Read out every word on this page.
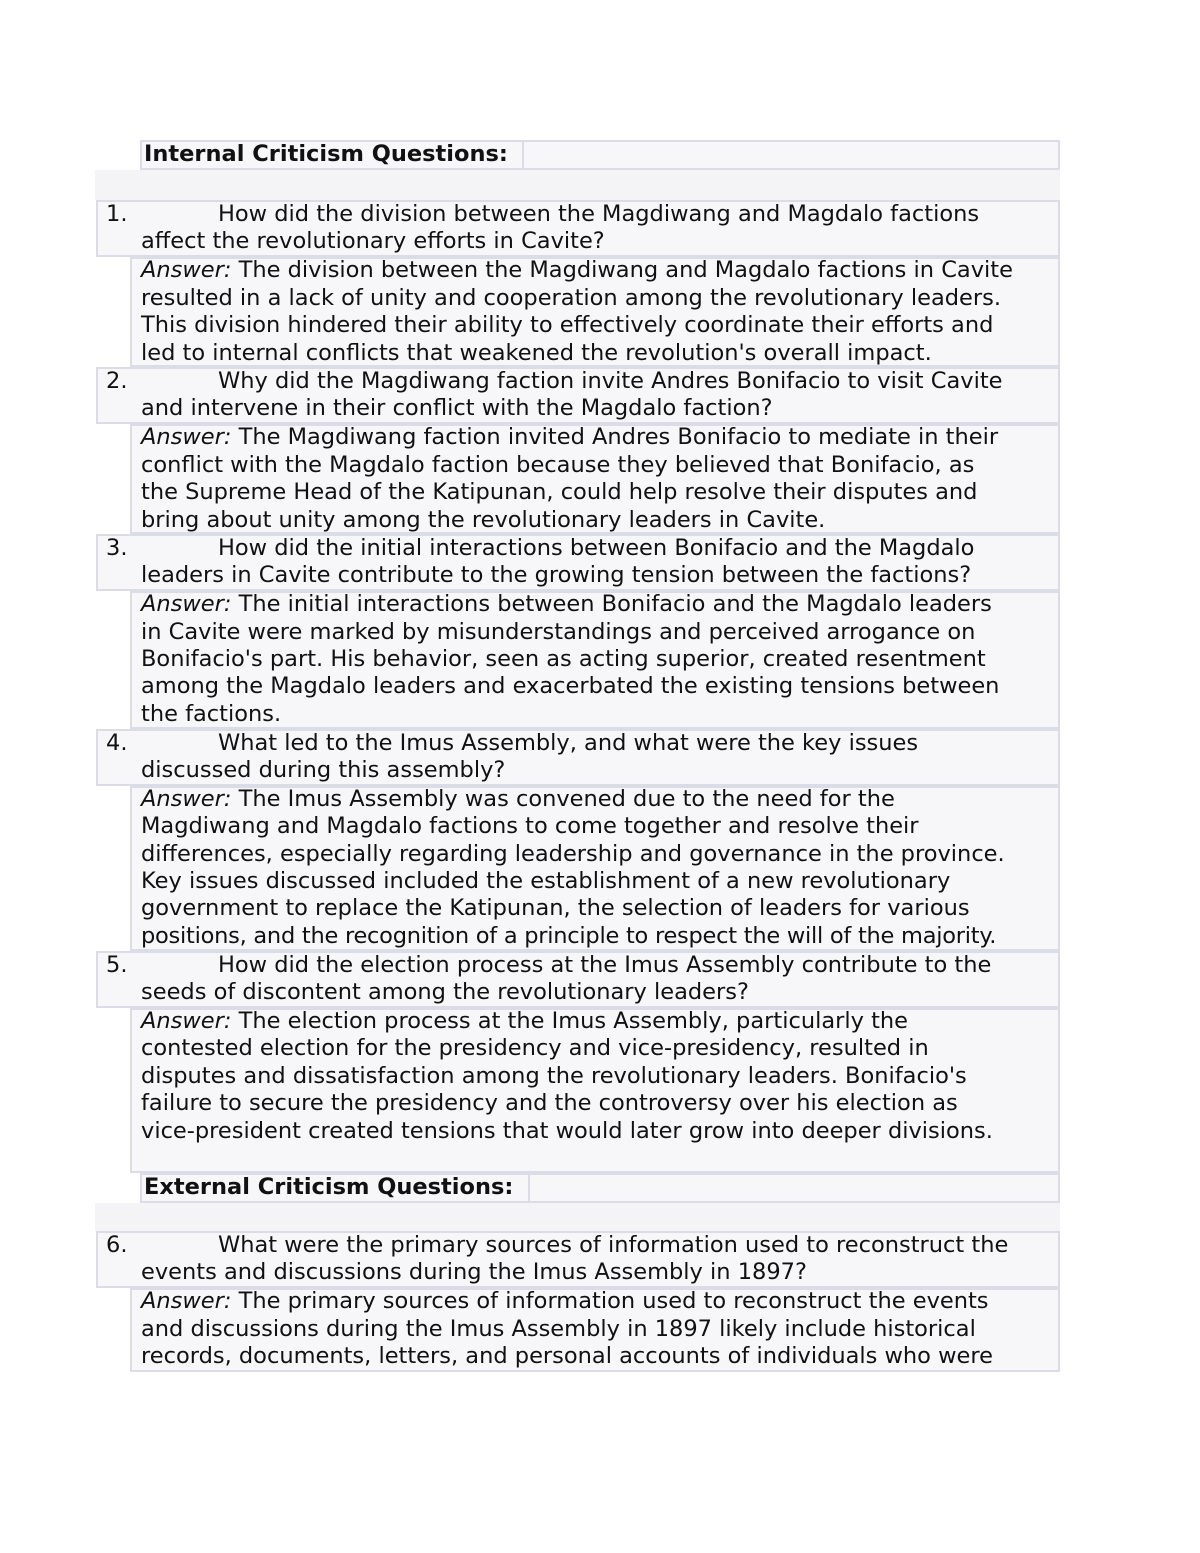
Internal Criticism Questions:
1.	How did the division between the Magdiwang and Magdalo factions
affect the revolutionary efforts in Cavite?
Answer: The division between the Magdiwang and Magdalo factions in Cavite
resulted in a lack of unity and cooperation among the revolutionary leaders.
This division hindered their ability to effectively coordinate their efforts and
led to internal conflicts that weakened the revolution's overall impact.
2.	Why did the Magdiwang faction invite Andres Bonifacio to visit Cavite
and intervene in their conflict with the Magdalo faction?
Answer: The Magdiwang faction invited Andres Bonifacio to mediate in their
conflict with the Magdalo faction because they believed that Bonifacio, as
the Supreme Head of the Katipunan, could help resolve their disputes and
bring about unity among the revolutionary leaders in Cavite.
3.	How did the initial interactions between Bonifacio and the Magdalo
leaders in Cavite contribute to the growing tension between the factions?
Answer: The initial interactions between Bonifacio and the Magdalo leaders
in Cavite were marked by misunderstandings and perceived arrogance on
Bonifacio's part. His behavior, seen as acting superior, created resentment
among the Magdalo leaders and exacerbated the existing tensions between
the factions.
4.	What led to the Imus Assembly, and what were the key issues
discussed during this assembly?
Answer: The Imus Assembly was convened due to the need for the
Magdiwang and Magdalo factions to come together and resolve their
differences, especially regarding leadership and governance in the province.
Key issues discussed included the establishment of a new revolutionary
government to replace the Katipunan, the selection of leaders for various
positions, and the recognition of a principle to respect the will of the majority.
5.	How did the election process at the Imus Assembly contribute to the
seeds of discontent among the revolutionary leaders?
Answer: The election process at the Imus Assembly, particularly the
contested election for the presidency and vice-presidency, resulted in
disputes and dissatisfaction among the revolutionary leaders. Bonifacio's
failure to secure the presidency and the controversy over his election as
vice-president created tensions that would later grow into deeper divisions.
External Criticism Questions:
6.	What were the primary sources of information used to reconstruct the
events and discussions during the Imus Assembly in 1897?
Answer: The primary sources of information used to reconstruct the events
and discussions during the Imus Assembly in 1897 likely include historical
records, documents, letters, and personal accounts of individuals who were
